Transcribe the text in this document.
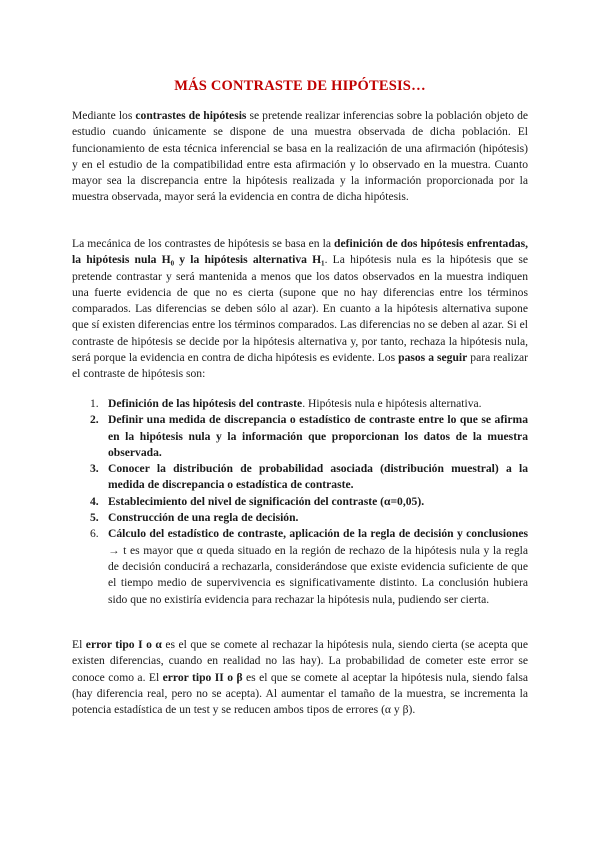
MÁS CONTRASTE DE HIPÓTESIS…
Mediante los contrastes de hipótesis se pretende realizar inferencias sobre la población objeto de estudio cuando únicamente se dispone de una muestra observada de dicha población. El funcionamiento de esta técnica inferencial se basa en la realización de una afirmación (hipótesis) y en el estudio de la compatibilidad entre esta afirmación y lo observado en la muestra. Cuanto mayor sea la discrepancia entre la hipótesis realizada y la información proporcionada por la muestra observada, mayor será la evidencia en contra de dicha hipótesis.
La mecánica de los contrastes de hipótesis se basa en la definición de dos hipótesis enfrentadas, la hipótesis nula H₀ y la hipótesis alternativa H₁. La hipótesis nula es la hipótesis que se pretende contrastar y será mantenida a menos que los datos observados en la muestra indiquen una fuerte evidencia de que no es cierta (supone que no hay diferencias entre los términos comparados. Las diferencias se deben sólo al azar). En cuanto a la hipótesis alternativa supone que sí existen diferencias entre los términos comparados. Las diferencias no se deben al azar. Si el contraste de hipótesis se decide por la hipótesis alternativa y, por tanto, rechaza la hipótesis nula, será porque la evidencia en contra de dicha hipótesis es evidente. Los pasos a seguir para realizar el contraste de hipótesis son:
1. Definición de las hipótesis del contraste. Hipótesis nula e hipótesis alternativa.
2. Definir una medida de discrepancia o estadístico de contraste entre lo que se afirma en la hipótesis nula y la información que proporcionan los datos de la muestra observada.
3. Conocer la distribución de probabilidad asociada (distribución muestral) a la medida de discrepancia o estadística de contraste.
4. Establecimiento del nivel de significación del contraste (α=0,05).
5. Construcción de una regla de decisión.
6. Cálculo del estadístico de contraste, aplicación de la regla de decisión y conclusiones → t es mayor que α queda situado en la región de rechazo de la hipótesis nula y la regla de decisión conducirá a rechazarla, considerándose que existe evidencia suficiente de que el tiempo medio de supervivencia es significativamente distinto. La conclusión hubiera sido que no existiría evidencia para rechazar la hipótesis nula, pudiendo ser cierta.
El error tipo I o α es el que se comete al rechazar la hipótesis nula, siendo cierta (se acepta que existen diferencias, cuando en realidad no las hay). La probabilidad de cometer este error se conoce como a. El error tipo II o β es el que se comete al aceptar la hipótesis nula, siendo falsa (hay diferencia real, pero no se acepta). Al aumentar el tamaño de la muestra, se incrementa la potencia estadística de un test y se reducen ambos tipos de errores (α y β).
